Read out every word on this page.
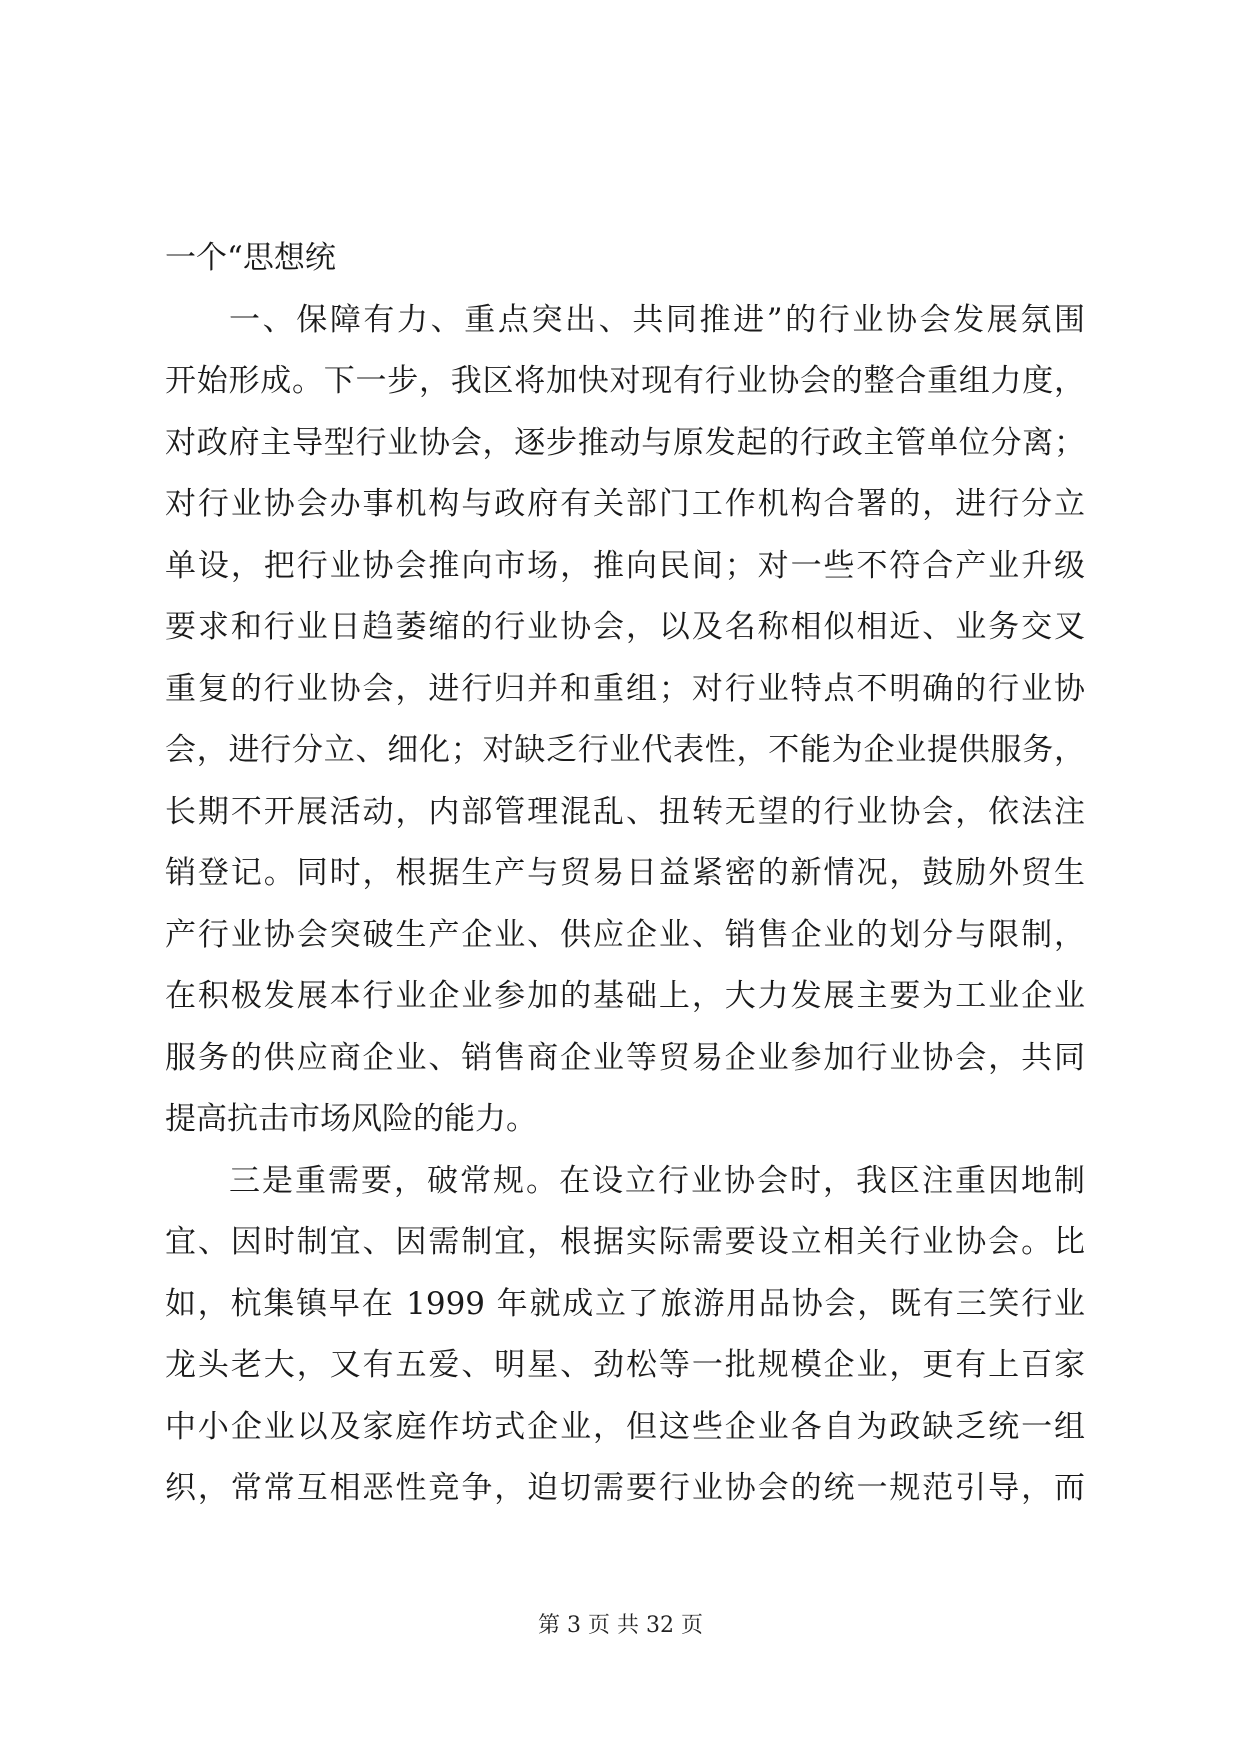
一个“思想统
一、保障有力、重点突出、共同推进”的行业协会发展氛围
开始形成。下一步，我区将加快对现有行业协会的整合重组力度，
对政府主导型行业协会，逐步推动与原发起的行政主管单位分离；
对行业协会办事机构与政府有关部门工作机构合署的，进行分立
单设，把行业协会推向市场，推向民间；对一些不符合产业升级
要求和行业日趋萎缩的行业协会，以及名称相似相近、业务交叉
重复的行业协会，进行归并和重组；对行业特点不明确的行业协
会，进行分立、细化；对缺乏行业代表性，不能为企业提供服务，
长期不开展活动，内部管理混乱、扭转无望的行业协会，依法注
销登记。同时，根据生产与贸易日益紧密的新情况，鼓励外贸生
产行业协会突破生产企业、供应企业、销售企业的划分与限制，
在积极发展本行业企业参加的基础上，大力发展主要为工业企业
服务的供应商企业、销售商企业等贸易企业参加行业协会，共同
提高抗击市场风险的能力。
三是重需要，破常规。在设立行业协会时，我区注重因地制
宜、因时制宜、因需制宜，根据实际需要设立相关行业协会。比
如，杭集镇早在 1999 年就成立了旅游用品协会，既有三笑行业
龙头老大，又有五爱、明星、劲松等一批规模企业，更有上百家
中小企业以及家庭作坊式企业，但这些企业各自为政缺乏统一组
织，常常互相恶性竞争，迫切需要行业协会的统一规范引导，而
第 3 页 共 32 页
